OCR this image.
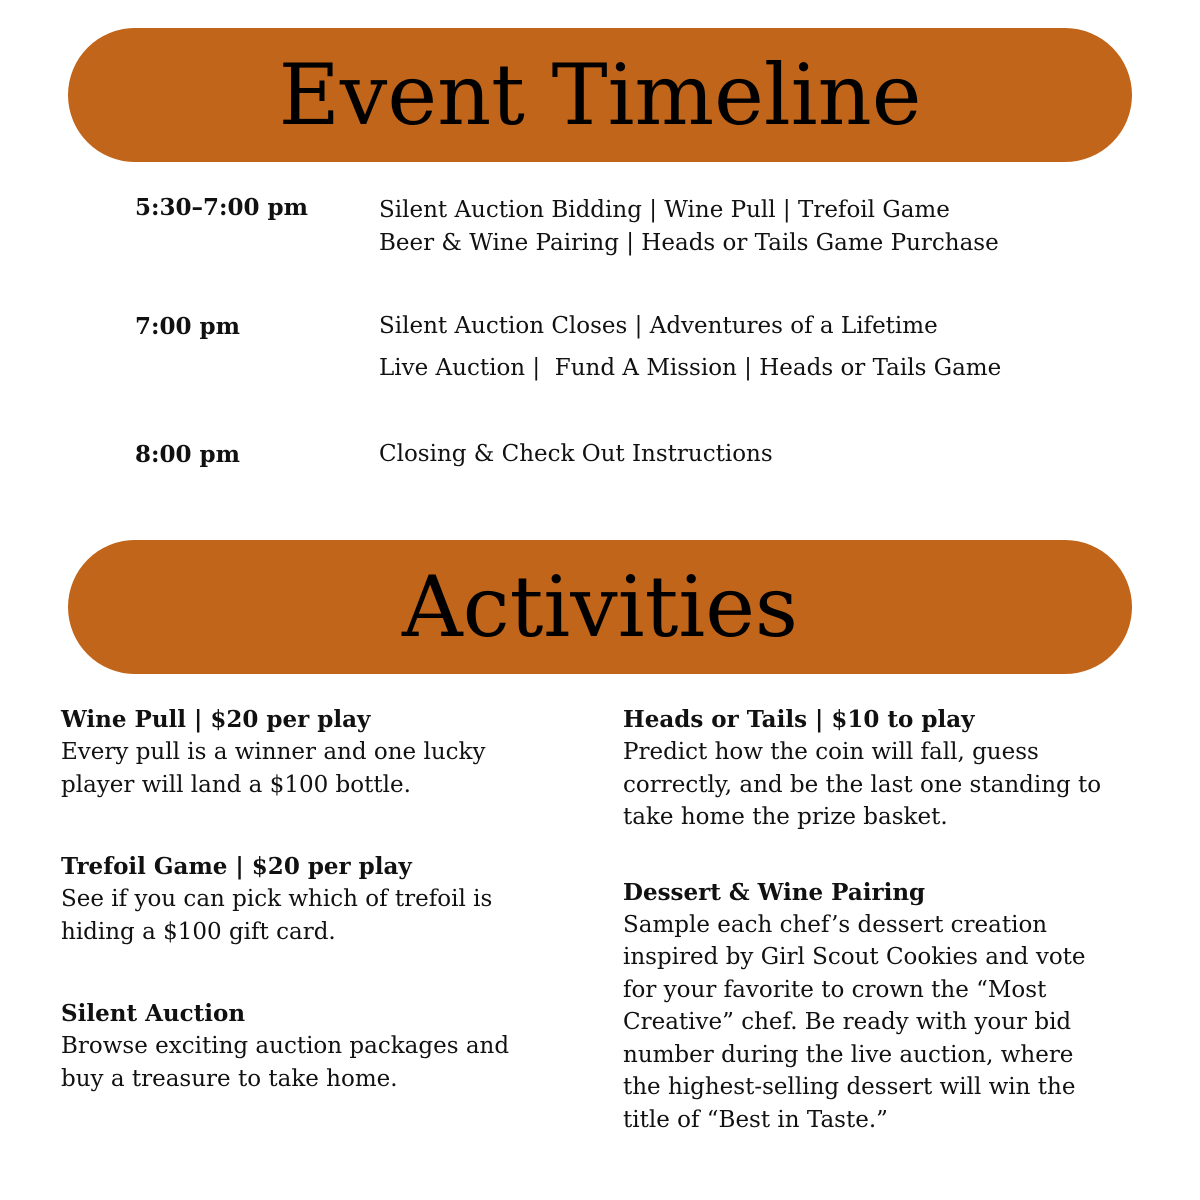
Event Timeline
5:30–7:00 pm	Silent Auction Bidding | Wine Pull | Trefoil Game
Beer & Wine Pairing | Heads or Tails Game Purchase
7:00 pm	Silent Auction Closes | Adventures of a Lifetime
Live Auction |  Fund A Mission | Heads or Tails Game
8:00 pm	Closing & Check Out Instructions
Activities
Wine Pull | $20 per play
Every pull is a winner and one lucky
player will land a $100 bottle.
Trefoil Game | $20 per play
See if you can pick which of trefoil is
hiding a $100 gift card.
Silent Auction
Browse exciting auction packages and
buy a treasure to take home.
Heads or Tails | $10 to play
Predict how the coin will fall, guess
correctly, and be the last one standing to
take home the prize basket.
Dessert & Wine Pairing
Sample each chef’s dessert creation
inspired by Girl Scout Cookies and vote
for your favorite to crown the “Most
Creative” chef. Be ready with your bid
number during the live auction, where
the highest-selling dessert will win the
title of “Best in Taste.”
